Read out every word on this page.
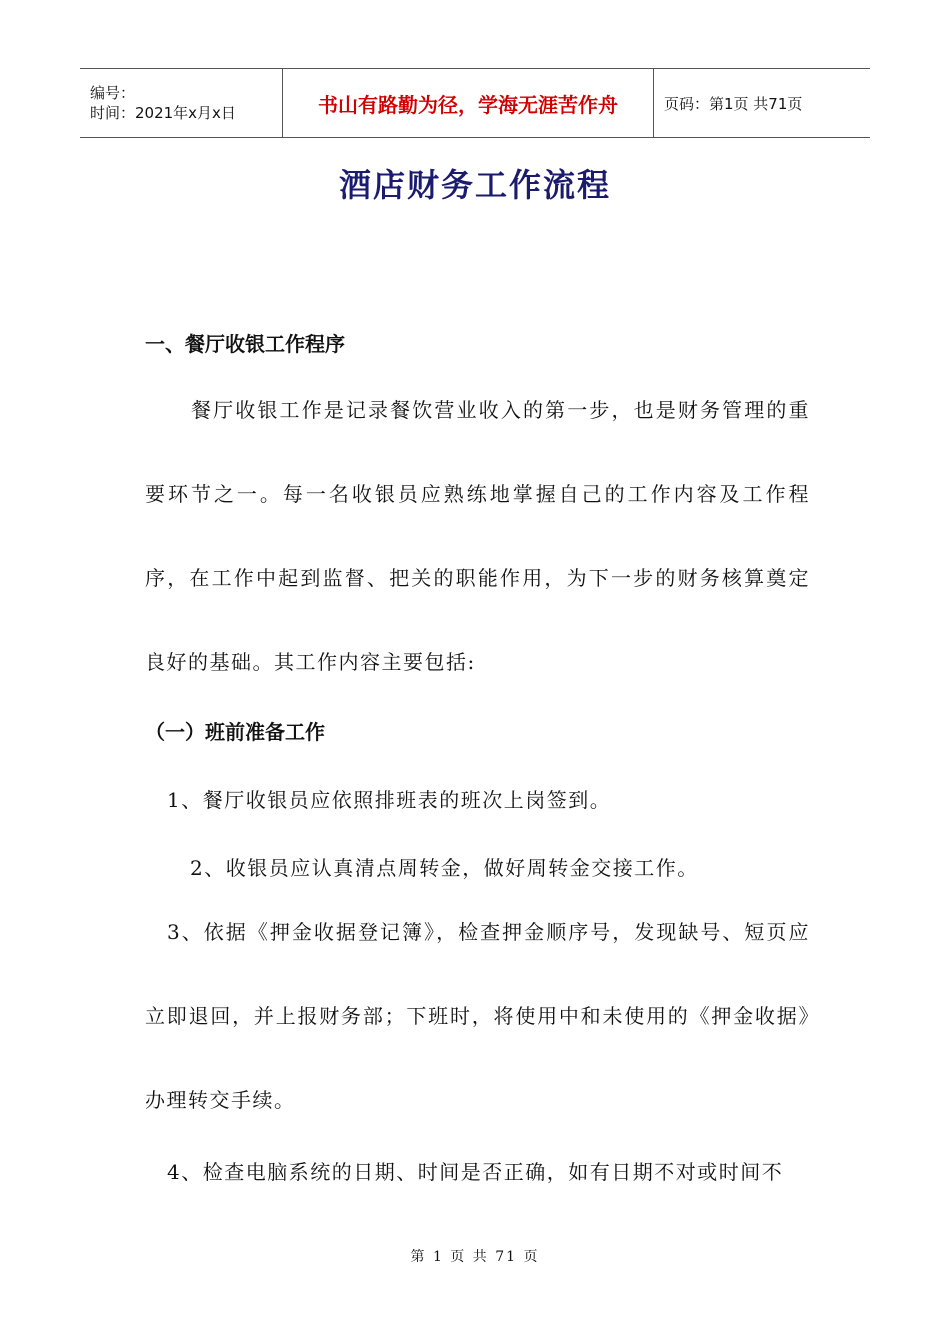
编号：
时间：2021年x月x日	书山有路勤为径，学海无涯苦作舟	页码：第1页 共71页
酒店财务工作流程
一、餐厅收银工作程序
餐厅收银工作是记录餐饮营业收入的第一步，也是财务管理的重要环节之一。每一名收银员应熟练地掌握自己的工作内容及工作程序，在工作中起到监督、把关的职能作用，为下一步的财务核算奠定良好的基础。其工作内容主要包括:
（一）班前准备工作
1、餐厅收银员应依照排班表的班次上岗签到。
2、收银员应认真清点周转金，做好周转金交接工作。
3、依据《押金收据登记簿》，检查押金顺序号，发现缺号、短页应立即退回，并上报财务部；下班时，将使用中和未使用的《押金收据》办理转交手续。
4、检查电脑系统的日期、时间是否正确，如有日期不对或时间不
第 1 页 共 71 页
